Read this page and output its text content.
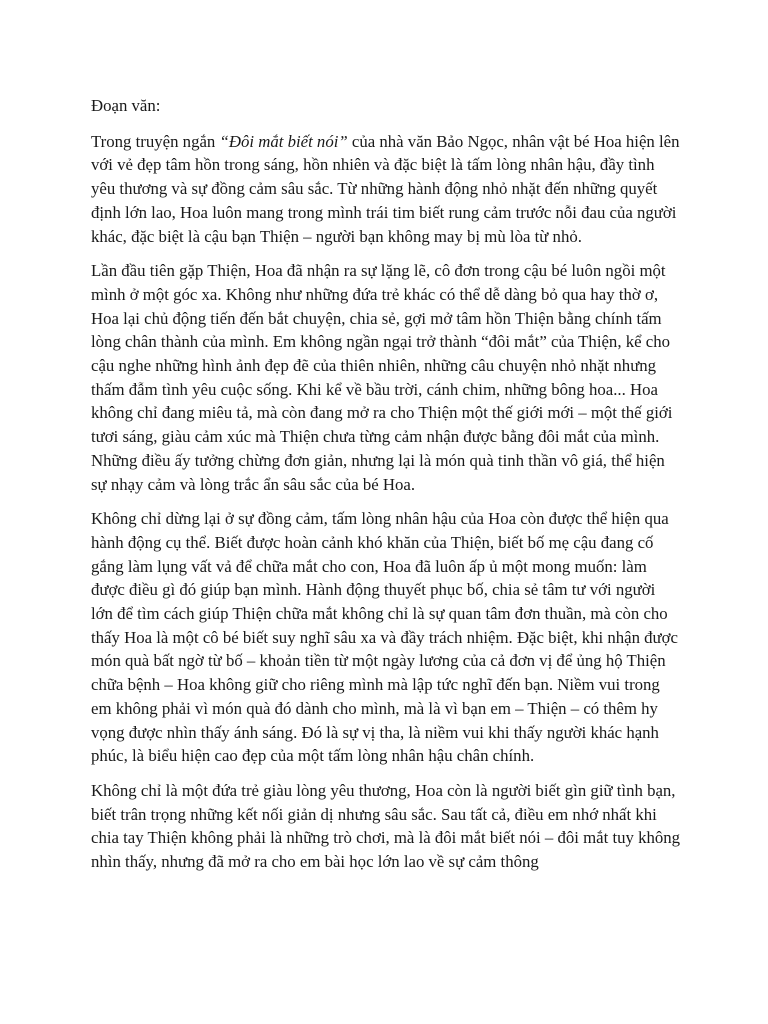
Đoạn văn:

Trong truyện ngắn “Đôi mắt biết nói” của nhà văn Bảo Ngọc, nhân vật bé Hoa hiện lên với vẻ đẹp tâm hồn trong sáng, hồn nhiên và đặc biệt là tấm lòng nhân hậu, đầy tình yêu thương và sự đồng cảm sâu sắc. Từ những hành động nhỏ nhặt đến những quyết định lớn lao, Hoa luôn mang trong mình trái tim biết rung cảm trước nỗi đau của người khác, đặc biệt là cậu bạn Thiện – người bạn không may bị mù lòa từ nhỏ.

Lần đầu tiên gặp Thiện, Hoa đã nhận ra sự lặng lẽ, cô đơn trong cậu bé luôn ngồi một mình ở một góc xa. Không như những đứa trẻ khác có thể dễ dàng bỏ qua hay thờ ơ, Hoa lại chủ động tiến đến bắt chuyện, chia sẻ, gợi mở tâm hồn Thiện bằng chính tấm lòng chân thành của mình. Em không ngần ngại trở thành “đôi mắt” của Thiện, kể cho cậu nghe những hình ảnh đẹp đẽ của thiên nhiên, những câu chuyện nhỏ nhặt nhưng thấm đẫm tình yêu cuộc sống. Khi kể về bầu trời, cánh chim, những bông hoa... Hoa không chỉ đang miêu tả, mà còn đang mở ra cho Thiện một thế giới mới – một thế giới tươi sáng, giàu cảm xúc mà Thiện chưa từng cảm nhận được bằng đôi mắt của mình. Những điều ấy tưởng chừng đơn giản, nhưng lại là món quà tinh thần vô giá, thể hiện sự nhạy cảm và lòng trắc ẩn sâu sắc của bé Hoa.

Không chỉ dừng lại ở sự đồng cảm, tấm lòng nhân hậu của Hoa còn được thể hiện qua hành động cụ thể. Biết được hoàn cảnh khó khăn của Thiện, biết bố mẹ cậu đang cố gắng làm lụng vất vả để chữa mắt cho con, Hoa đã luôn ấp ủ một mong muốn: làm được điều gì đó giúp bạn mình. Hành động thuyết phục bố, chia sẻ tâm tư với người lớn để tìm cách giúp Thiện chữa mắt không chỉ là sự quan tâm đơn thuần, mà còn cho thấy Hoa là một cô bé biết suy nghĩ sâu xa và đầy trách nhiệm. Đặc biệt, khi nhận được món quà bất ngờ từ bố – khoản tiền từ một ngày lương của cả đơn vị để ủng hộ Thiện chữa bệnh – Hoa không giữ cho riêng mình mà lập tức nghĩ đến bạn. Niềm vui trong em không phải vì món quà đó dành cho mình, mà là vì bạn em – Thiện – có thêm hy vọng được nhìn thấy ánh sáng. Đó là sự vị tha, là niềm vui khi thấy người khác hạnh phúc, là biểu hiện cao đẹp của một tấm lòng nhân hậu chân chính.

Không chỉ là một đứa trẻ giàu lòng yêu thương, Hoa còn là người biết gìn giữ tình bạn, biết trân trọng những kết nối giản dị nhưng sâu sắc. Sau tất cả, điều em nhớ nhất khi chia tay Thiện không phải là những trò chơi, mà là đôi mắt biết nói – đôi mắt tuy không nhìn thấy, nhưng đã mở ra cho em bài học lớn lao về sự cảm thông
